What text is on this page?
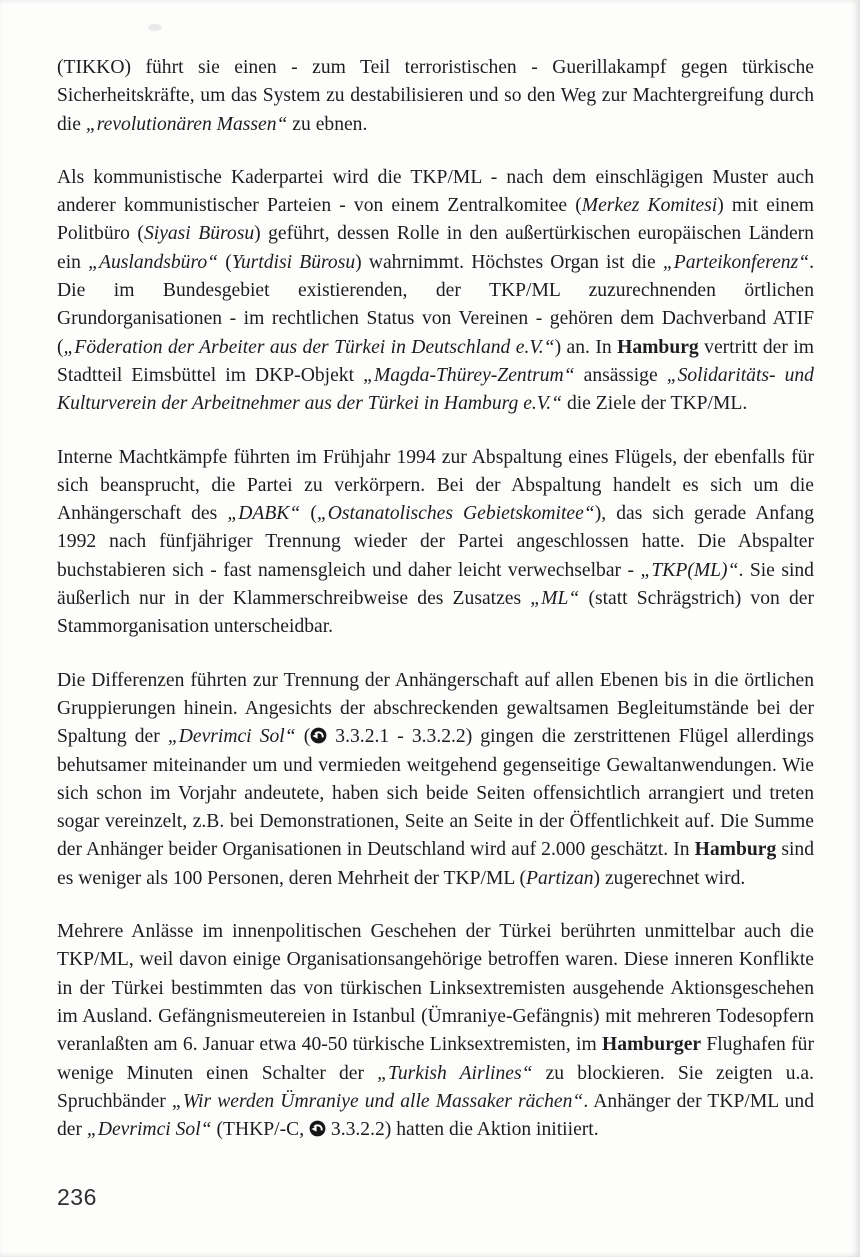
(TIKKO) führt sie einen - zum Teil terroristischen - Guerillakampf gegen türkische Sicherheitskräfte, um das System zu destabilisieren und so den Weg zur Machtergreifung durch die „revolutionären Massen“ zu ebnen.

Als kommunistische Kaderpartei wird die TKP/ML - nach dem einschlägigen Muster auch anderer kommunistischer Parteien - von einem Zentralkomitee (Merkez Komitesi) mit einem Politbüro (Siyasi Bürosu) geführt, dessen Rolle in den außertürkischen europäischen Ländern ein „Auslandsbüro“ (Yurtdisi Bürosu) wahrnimmt. Höchstes Organ ist die „Parteikonferenz“. Die im Bundesgebiet existierenden, der TKP/ML zuzurechnenden örtlichen Grundorganisationen - im rechtlichen Status von Vereinen - gehören dem Dachverband ATIF („Föderation der Arbeiter aus der Türkei in Deutschland e.V.“) an. In Hamburg vertritt der im Stadtteil Eimsbüttel im DKP-Objekt „Magda-Thürey-Zentrum“ ansässige „Solidaritäts- und Kulturverein der Arbeitnehmer aus der Türkei in Hamburg e.V.“ die Ziele der TKP/ML.

Interne Machtkämpfe führten im Frühjahr 1994 zur Abspaltung eines Flügels, der ebenfalls für sich beansprucht, die Partei zu verkörpern. Bei der Abspaltung handelt es sich um die Anhängerschaft des „DABK“ („Ostanatolisches Gebietskomitee“), das sich gerade Anfang 1992 nach fünfjähriger Trennung wieder der Partei angeschlossen hatte. Die Abspalter buchstabieren sich - fast namensgleich und daher leicht verwechselbar - „TKP(ML)“. Sie sind äußerlich nur in der Klammerschreibweise des Zusatzes „ML“ (statt Schrägstrich) von der Stammorganisation unterscheidbar.

Die Differenzen führten zur Trennung der Anhängerschaft auf allen Ebenen bis in die örtlichen Gruppierungen hinein. Angesichts der abschreckenden gewaltsamen Begleitumstände bei der Spaltung der „Devrimci Sol“ ( 3.3.2.1 - 3.3.2.2) gingen die zerstrittenen Flügel allerdings behutsamer miteinander um und vermieden weitgehend gegenseitige Gewaltanwendungen. Wie sich schon im Vorjahr andeutete, haben sich beide Seiten offensichtlich arrangiert und treten sogar vereinzelt, z.B. bei Demonstrationen, Seite an Seite in der Öffentlichkeit auf. Die Summe der Anhänger beider Organisationen in Deutschland wird auf 2.000 geschätzt. In Hamburg sind es weniger als 100 Personen, deren Mehrheit der TKP/ML (Partizan) zugerechnet wird.

Mehrere Anlässe im innenpolitischen Geschehen der Türkei berührten unmittelbar auch die TKP/ML, weil davon einige Organisationsangehörige betroffen waren. Diese inneren Konflikte in der Türkei bestimmten das von türkischen Linksextremisten ausgehende Aktionsgeschehen im Ausland. Gefängnismeutereien in Istanbul (Ümraniye-Gefängnis) mit mehreren Todesopfern veranlaßten am 6. Januar etwa 40-50 türkische Linksextremisten, im Hamburger Flughafen für wenige Minuten einen Schalter der „Turkish Airlines“ zu blockieren. Sie zeigten u.a. Spruchbänder „Wir werden Ümraniye und alle Massaker rächen“. Anhänger der TKP/ML und der „Devrimci Sol“ (THKP/-C,  3.3.2.2) hatten die Aktion initiiert.

236
